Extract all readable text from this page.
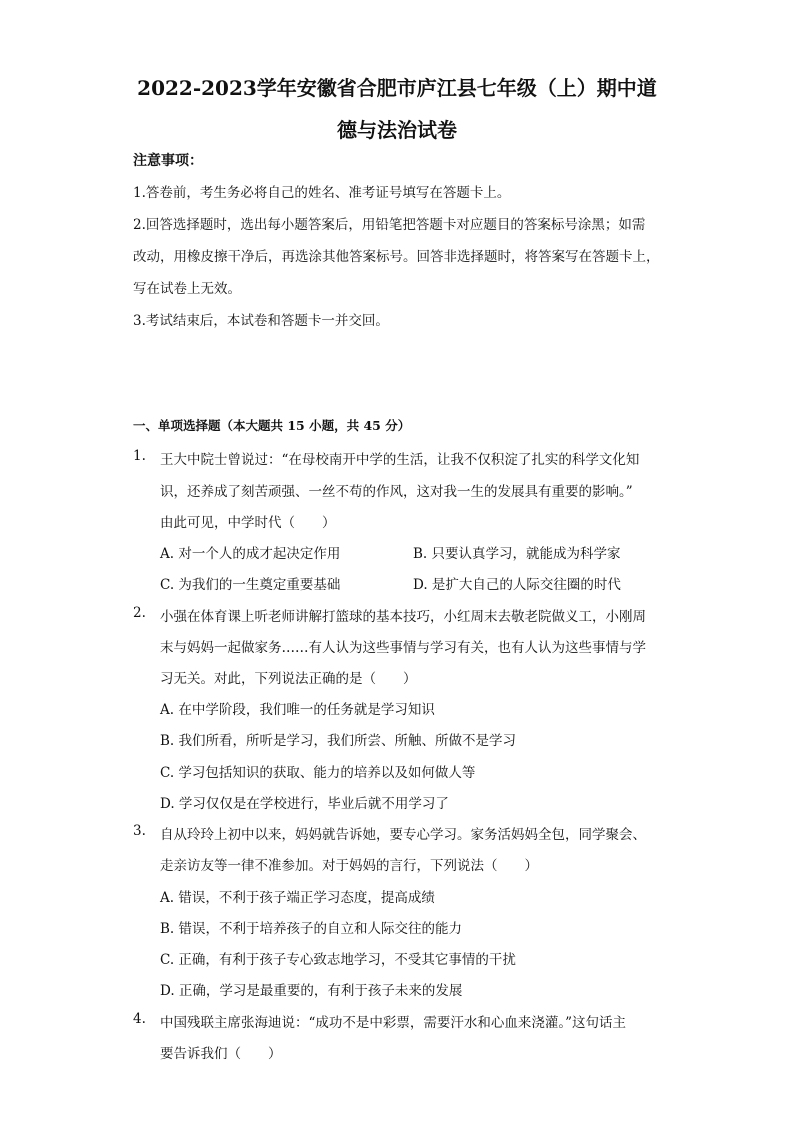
2022-2023学年安徽省合肥市庐江县七年级（上）期中道
德与法治试卷
注意事项：
1.答卷前，考生务必将自己的姓名、准考证号填写在答题卡上。
2.回答选择题时，选出每小题答案后，用铅笔把答题卡对应题目的答案标号涂黑；如需
改动，用橡皮擦干净后，再选涂其他答案标号。回答非选择题时，将答案写在答题卡上，
写在试卷上无效。
3.考试结束后，本试卷和答题卡一并交回。
一、单项选择题（本大题共 15 小题，共 45 分）
1. 王大中院士曾说过：“在母校南开中学的生活，让我不仅积淀了扎实的科学文化知
识，还养成了刻苦顽强、一丝不苟的作风，这对我一生的发展具有重要的影响。”
由此可见，中学时代（　　）
A. 对一个人的成才起决定作用	B. 只要认真学习，就能成为科学家
C. 为我们的一生奠定重要基础	D. 是扩大自己的人际交往圈的时代
2. 小强在体育课上听老师讲解打篮球的基本技巧，小红周末去敬老院做义工，小刚周
末与妈妈一起做家务……有人认为这些事情与学习有关，也有人认为这些事情与学
习无关。对此，下列说法正确的是（　　）
A. 在中学阶段，我们唯一的任务就是学习知识
B. 我们所看，所听是学习，我们所尝、所触、所做不是学习
C. 学习包括知识的获取、能力的培养以及如何做人等
D. 学习仅仅是在学校进行，毕业后就不用学习了
3. 自从玲玲上初中以来，妈妈就告诉她，要专心学习。家务活妈妈全包，同学聚会、
走亲访友等一律不准参加。对于妈妈的言行，下列说法（　　）
A. 错误，不利于孩子端正学习态度，提高成绩
B. 错误，不利于培养孩子的自立和人际交往的能力
C. 正确，有利于孩子专心致志地学习，不受其它事情的干扰
D. 正确，学习是最重要的，有利于孩子未来的发展
4. 中国残联主席张海迪说：“成功不是中彩票，需要汗水和心血来浇灌。”这句话主
要告诉我们（　　）
